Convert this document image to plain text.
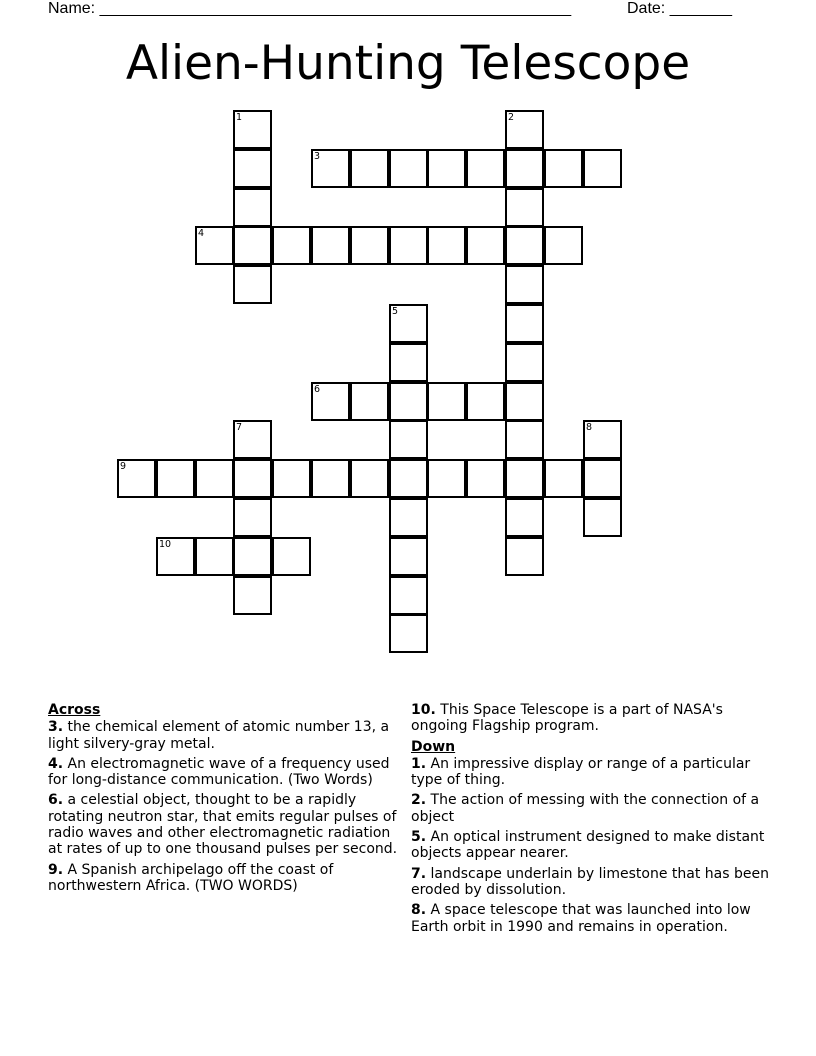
Name: _____________________________________________________	Date: _______
Alien-Hunting Telescope
1	2
3
4
5
6
7	8
9
10
Across
3. the chemical element of atomic number 13, a light silvery-gray metal.
4. An electromagnetic wave of a frequency used for long-distance communication. (Two Words)
6. a celestial object, thought to be a rapidly rotating neutron star, that emits regular pulses of radio waves and other electromagnetic radiation at rates of up to one thousand pulses per second.
9. A Spanish archipelago off the coast of northwestern Africa. (TWO WORDS)
10. This Space Telescope is a part of NASA's ongoing Flagship program.
Down
1. An impressive display or range of a particular type of thing.
2. The action of messing with the connection of a object
5. An optical instrument designed to make distant objects appear nearer.
7. landscape underlain by limestone that has been eroded by dissolution.
8. A space telescope that was launched into low Earth orbit in 1990 and remains in operation.
